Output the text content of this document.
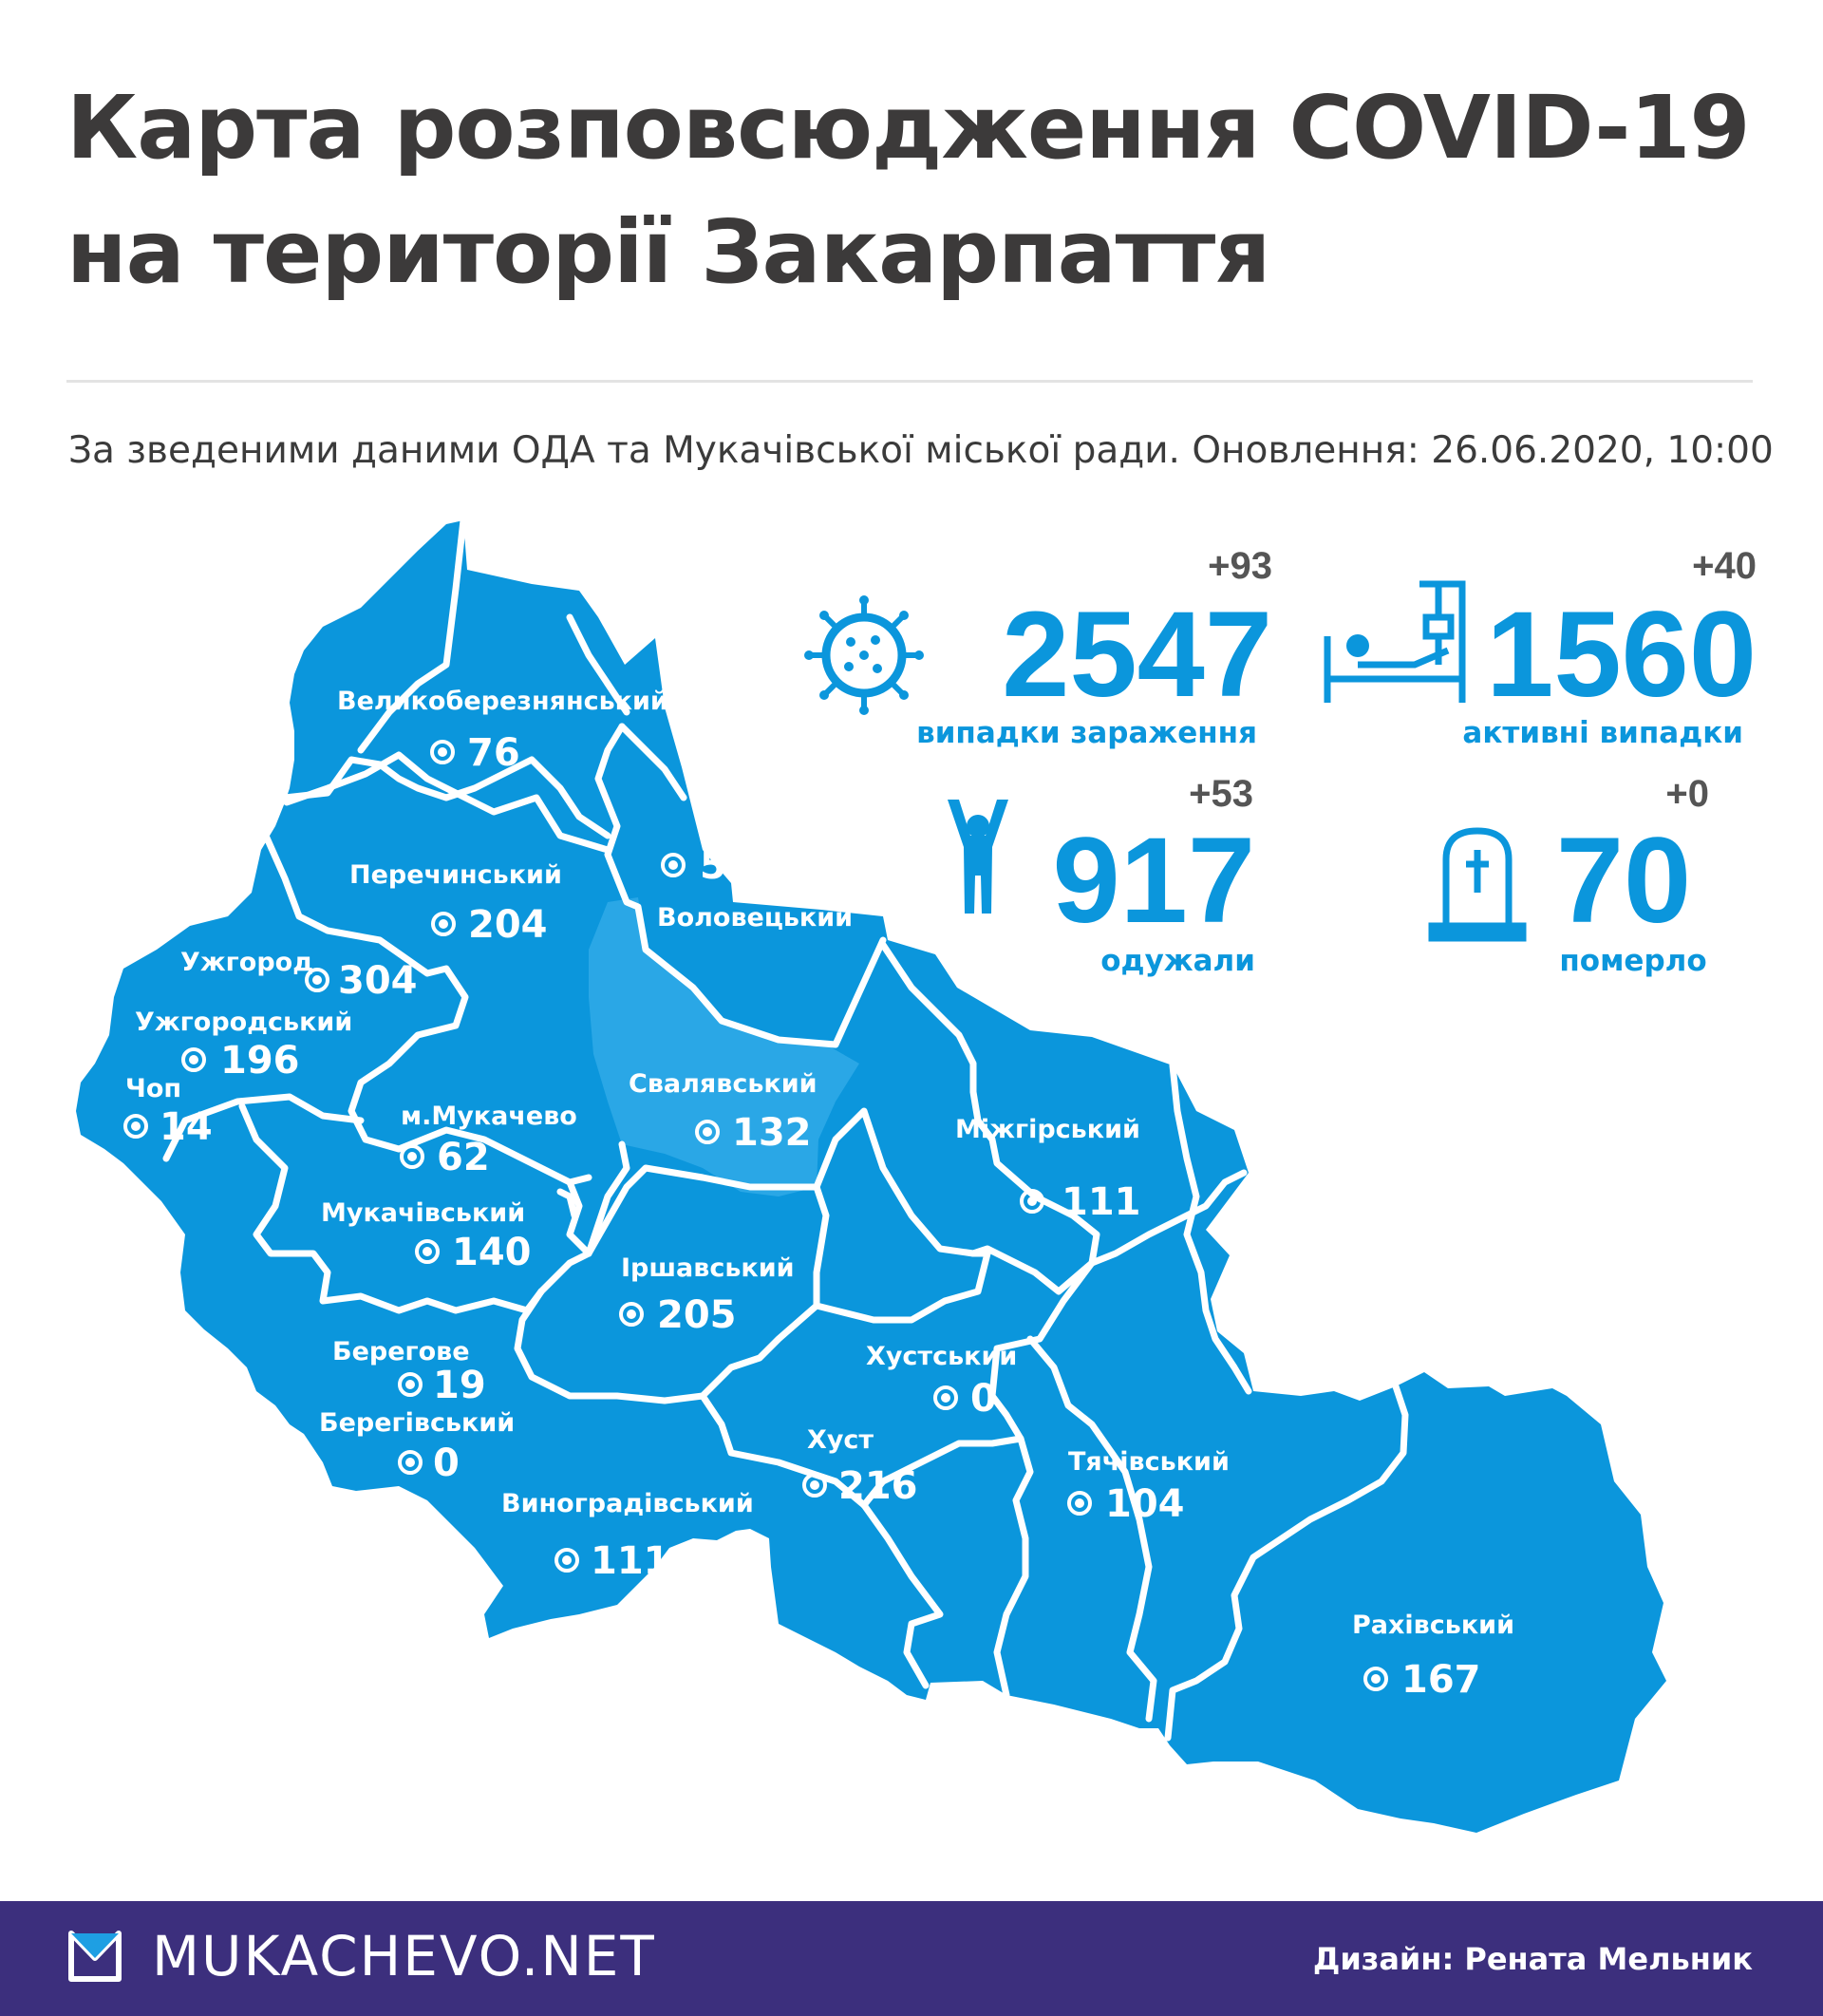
Карта розповсюдження COVID-19
на території Закарпаття
За зведеними даними ОДА та Мукачівської міської ради. Оновлення: 26.06.2020, 10:00
Великоберезнянський
76
51
Воловецький
Перечинський
204
Ужгород 304
Ужгородський
196
Чоп
14	м.Мукачево
62
Мукачівський
140
Свалявський
132	Міжгірський
111
Іршавський
205
Хустський
0
Хуст
216
Берегове
19
Берегівський
0
Виноградівський
111
Тячівський
104
Рахівський
167
+93
2547
випадки зараження
+40
1560
активні випадки
+53
917
одужали
+0
70
померло
MUKACHEVO.NET	Дизайн: Рената Мельник
